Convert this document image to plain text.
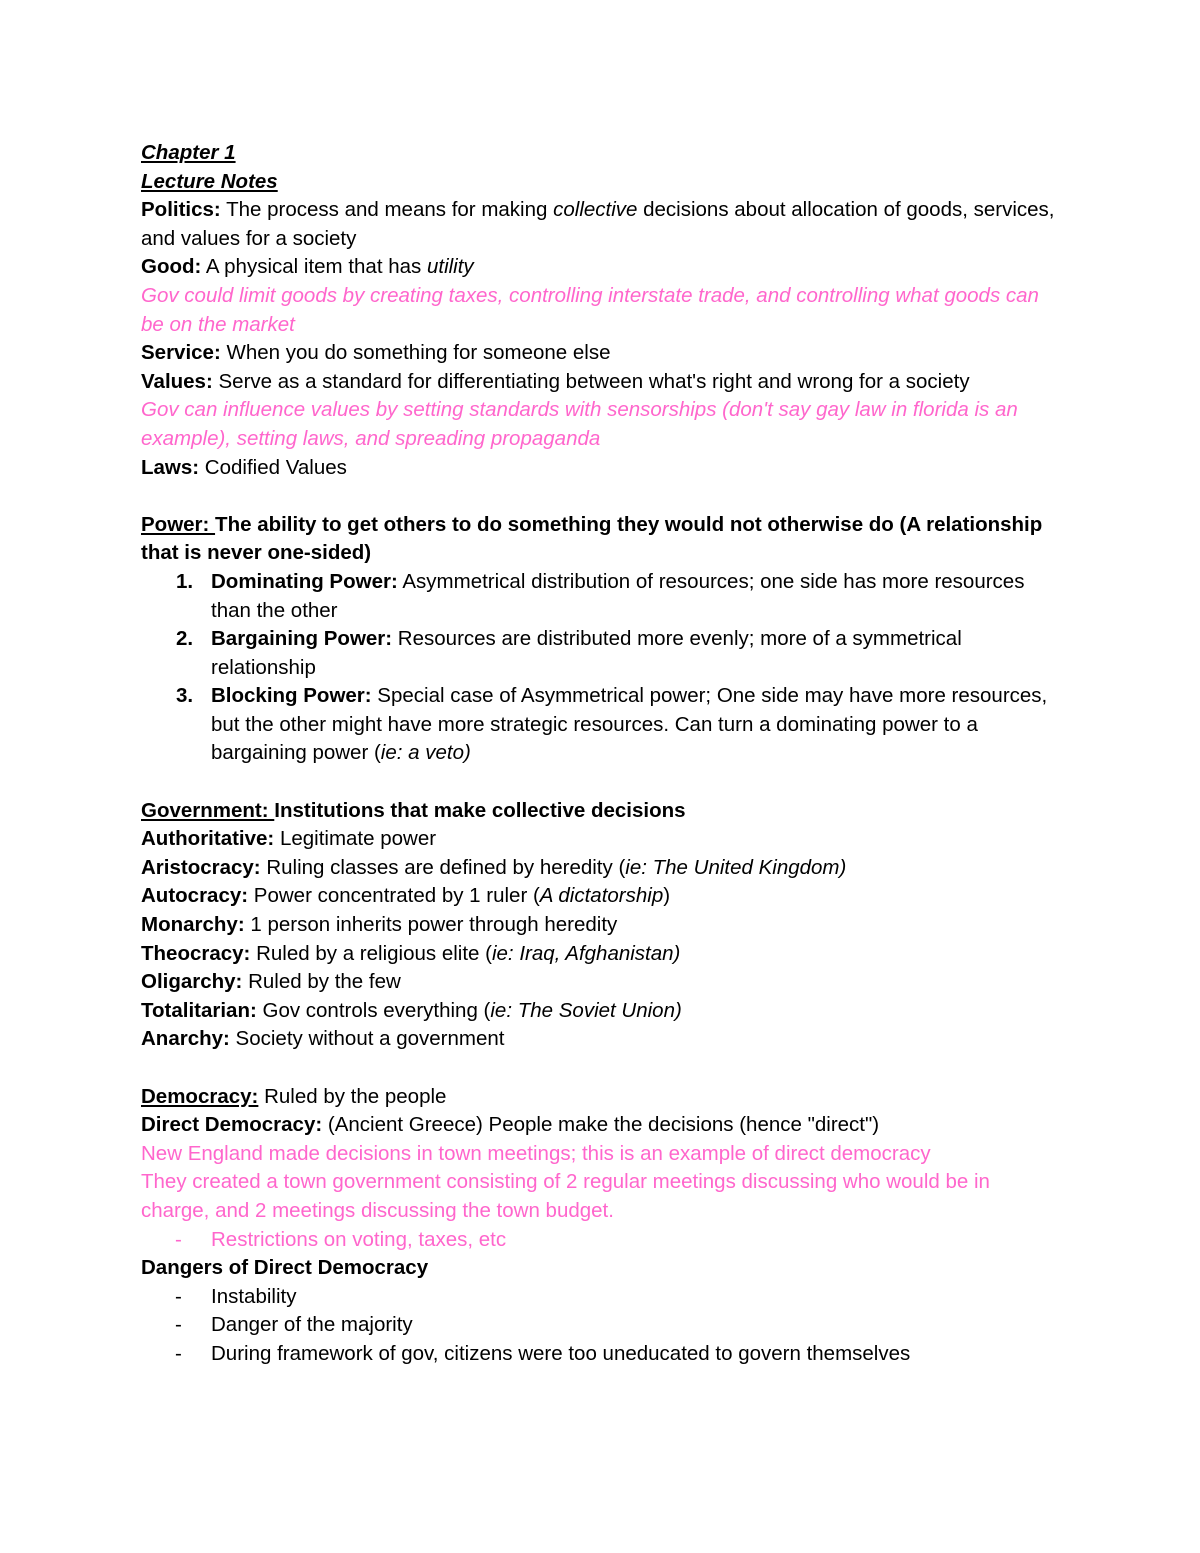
Chapter 1

Lecture Notes

Politics: The process and means for making collective decisions about allocation of goods, services, and values for a society

Good: A physical item that has utility

Gov could limit goods by creating taxes, controlling interstate trade, and controlling what goods can be on the market

Service: When you do something for someone else

Values: Serve as a standard for differentiating between what's right and wrong for a society

Gov can influence values by setting standards with sensorships (don't say gay law in florida is an example), setting laws, and spreading propaganda

Laws: Codified Values

Power: The ability to get others to do something they would not otherwise do (A relationship that is never one-sided)

1. Dominating Power: Asymmetrical distribution of resources; one side has more resources than the other
2. Bargaining Power: Resources are distributed more evenly; more of a symmetrical relationship
3. Blocking Power: Special case of Asymmetrical power; One side may have more resources, but the other might have more strategic resources. Can turn a dominating power to a bargaining power (ie: a veto)

Government: Institutions that make collective decisions

Authoritative: Legitimate power

Aristocracy: Ruling classes are defined by heredity (ie: The United Kingdom)

Autocracy: Power concentrated by 1 ruler (A dictatorship)

Monarchy: 1 person inherits power through heredity

Theocracy: Ruled by a religious elite (ie: Iraq, Afghanistan)

Oligarchy: Ruled by the few

Totalitarian: Gov controls everything (ie: The Soviet Union)

Anarchy: Society without a government

Democracy: Ruled by the people

Direct Democracy: (Ancient Greece) People make the decisions (hence "direct")

New England made decisions in town meetings; this is an example of direct democracy

They created a town government consisting of 2 regular meetings discussing who would be in charge, and 2 meetings discussing the town budget.

- Restrictions on voting, taxes, etc

Dangers of Direct Democracy

- Instability
- Danger of the majority
- During framework of gov, citizens were too uneducated to govern themselves
